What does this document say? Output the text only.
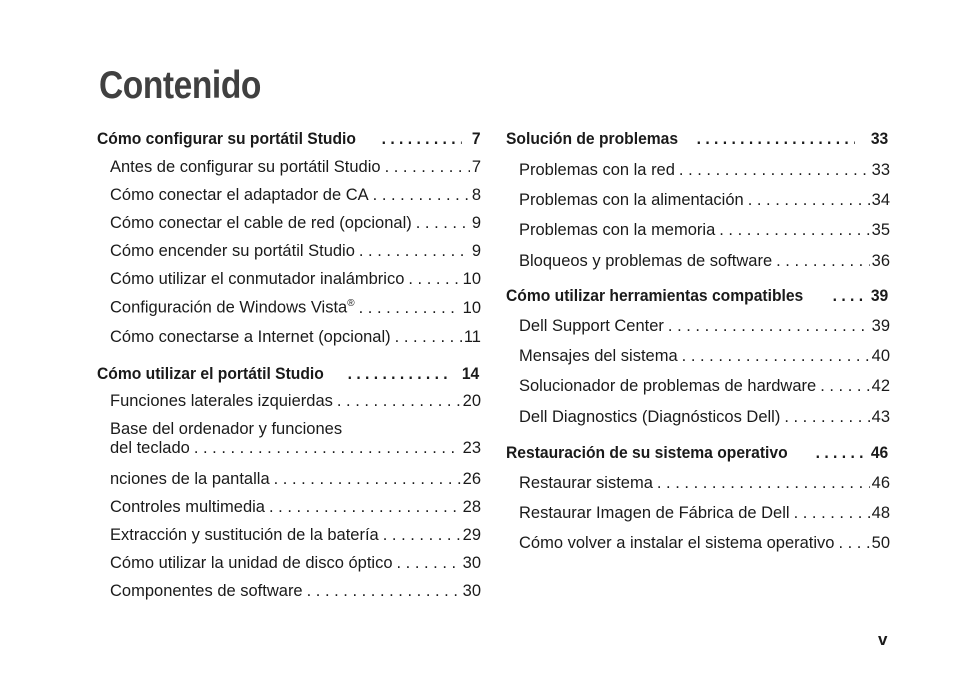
Contenido
Cómo configurar su portátil Studio . . .	7
Antes de configurar su portátil Studio . . .	7
Cómo conectar el adaptador de CA . . .	8
Cómo conectar el cable de red (opcional) . . .	9
Cómo encender su portátil Studio . . .	9
Cómo utilizar el conmutador inalámbrico . . .	10
Configuración de Windows Vista® . . .	10
Cómo conectarse a Internet (opcional) . . .	11
Cómo utilizar el portátil Studio . . .	14
Funciones laterales izquierdas . . .	20
Base del ordenador y funciones
del teclado . . .	23
nciones de la pantalla . . .	26
Controles multimedia . . .	28
Extracción y sustitución de la batería . . .	29
Cómo utilizar la unidad de disco óptico . . .	30
Componentes de software . . .	30
Solución de problemas . . .	33
Problemas con la red . . .	33
Problemas con la alimentación . . .	34
Problemas con la memoria . . .	35
Bloqueos y problemas de software . . .	36
Cómo utilizar herramientas compatibles . . .	39
Dell Support Center . . .	39
Mensajes del sistema . . .	40
Solucionador de problemas de hardware . . .	42
Dell Diagnostics (Diagnósticos Dell) . . .	43
Restauración de su sistema operativo . . .	46
Restaurar sistema . . .	46
Restaurar Imagen de Fábrica de Dell . . .	48
Cómo volver a instalar el sistema operativo . . . 50
v
